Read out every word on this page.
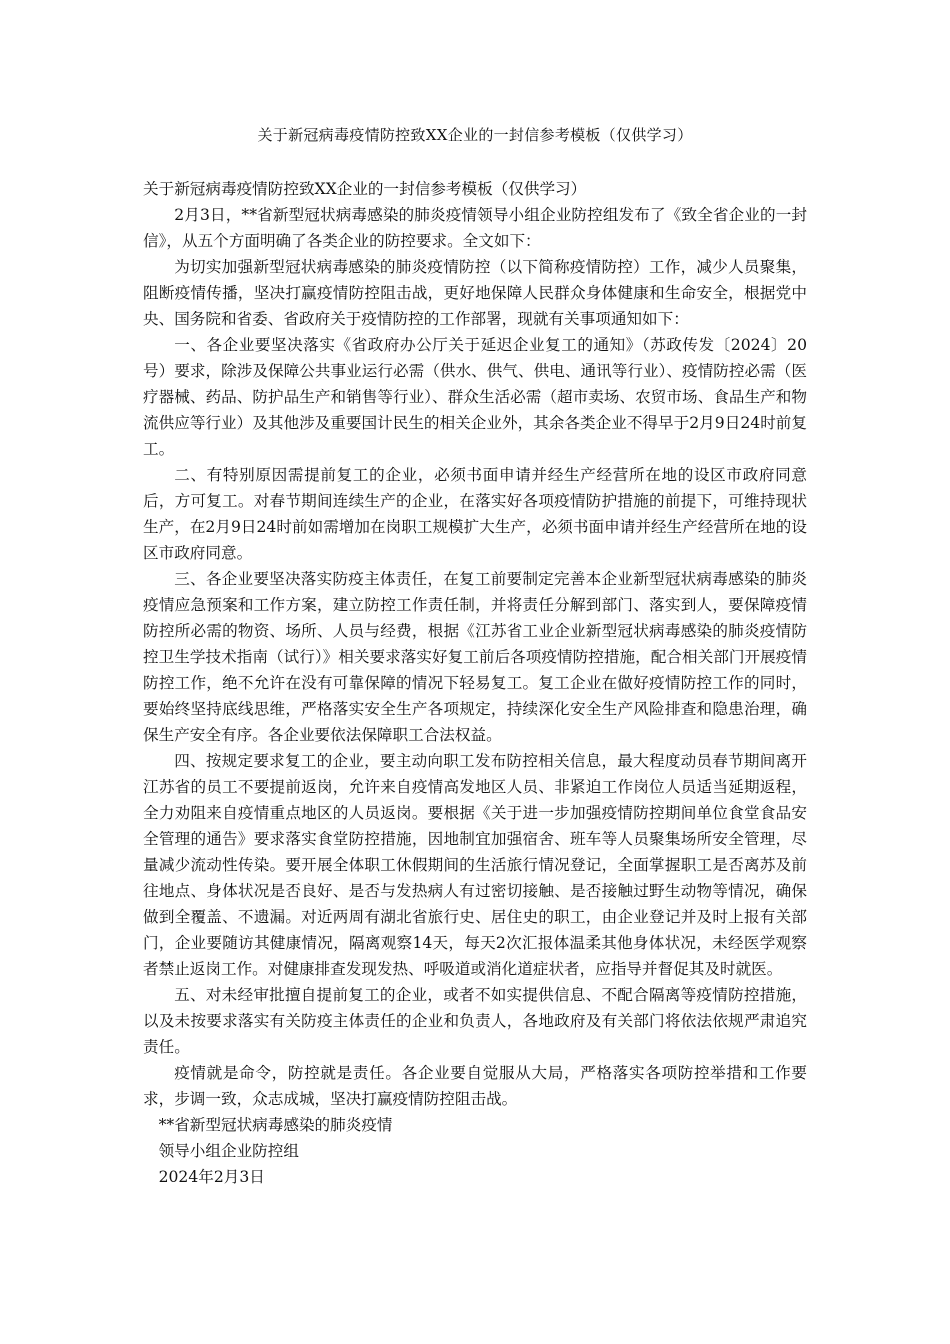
关于新冠病毒疫情防控致XX企业的一封信参考模板（仅供学习）

关于新冠病毒疫情防控致XX企业的一封信参考模板（仅供学习）

2月3日，**省新型冠状病毒感染的肺炎疫情领导小组企业防控组发布了《致全省企业的一封信》，从五个方面明确了各类企业的防控要求。全文如下：

为切实加强新型冠状病毒感染的肺炎疫情防控（以下简称疫情防控）工作，减少人员聚集，阻断疫情传播，坚决打赢疫情防控阻击战，更好地保障人民群众身体健康和生命安全，根据党中央、国务院和省委、省政府关于疫情防控的工作部署，现就有关事项通知如下：

一、各企业要坚决落实《省政府办公厅关于延迟企业复工的通知》（苏政传发〔2024〕20号）要求，除涉及保障公共事业运行必需（供水、供气、供电、通讯等行业）、疫情防控必需（医疗器械、药品、防护品生产和销售等行业）、群众生活必需（超市卖场、农贸市场、食品生产和物流供应等行业）及其他涉及重要国计民生的相关企业外，其余各类企业不得早于2月9日24时前复工。

二、有特别原因需提前复工的企业，必须书面申请并经生产经营所在地的设区市政府同意后，方可复工。对春节期间连续生产的企业，在落实好各项疫情防护措施的前提下，可维持现状生产，在2月9日24时前如需增加在岗职工规模扩大生产，必须书面申请并经生产经营所在地的设区市政府同意。

三、各企业要坚决落实防疫主体责任，在复工前要制定完善本企业新型冠状病毒感染的肺炎疫情应急预案和工作方案，建立防控工作责任制，并将责任分解到部门、落实到人，要保障疫情防控所必需的物资、场所、人员与经费，根据《江苏省工业企业新型冠状病毒感染的肺炎疫情防控卫生学技术指南（试行）》相关要求落实好复工前后各项疫情防控措施，配合相关部门开展疫情防控工作，绝不允许在没有可靠保障的情况下轻易复工。复工企业在做好疫情防控工作的同时，要始终坚持底线思维，严格落实安全生产各项规定，持续深化安全生产风险排查和隐患治理，确保生产安全有序。各企业要依法保障职工合法权益。

四、按规定要求复工的企业，要主动向职工发布防控相关信息，最大程度动员春节期间离开江苏省的员工不要提前返岗，允许来自疫情高发地区人员、非紧迫工作岗位人员适当延期返程，全力劝阻来自疫情重点地区的人员返岗。要根据《关于进一步加强疫情防控期间单位食堂食品安全管理的通告》要求落实食堂防控措施，因地制宜加强宿舍、班车等人员聚集场所安全管理，尽量减少流动性传染。要开展全体职工休假期间的生活旅行情况登记，全面掌握职工是否离苏及前往地点、身体状况是否良好、是否与发热病人有过密切接触、是否接触过野生动物等情况，确保做到全覆盖、不遗漏。对近两周有湖北省旅行史、居住史的职工，由企业登记并及时上报有关部门，企业要随访其健康情况，隔离观察14天，每天2次汇报体温柔其他身体状况，未经医学观察者禁止返岗工作。对健康排查发现发热、呼吸道或消化道症状者，应指导并督促其及时就医。

五、对未经审批擅自提前复工的企业，或者不如实提供信息、不配合隔离等疫情防控措施，以及未按要求落实有关防疫主体责任的企业和负责人，各地政府及有关部门将依法依规严肃追究责任。

疫情就是命令，防控就是责任。各企业要自觉服从大局，严格落实各项防控举措和工作要求，步调一致，众志成城，坚决打赢疫情防控阻击战。

**省新型冠状病毒感染的肺炎疫情

领导小组企业防控组

2024年2月3日
